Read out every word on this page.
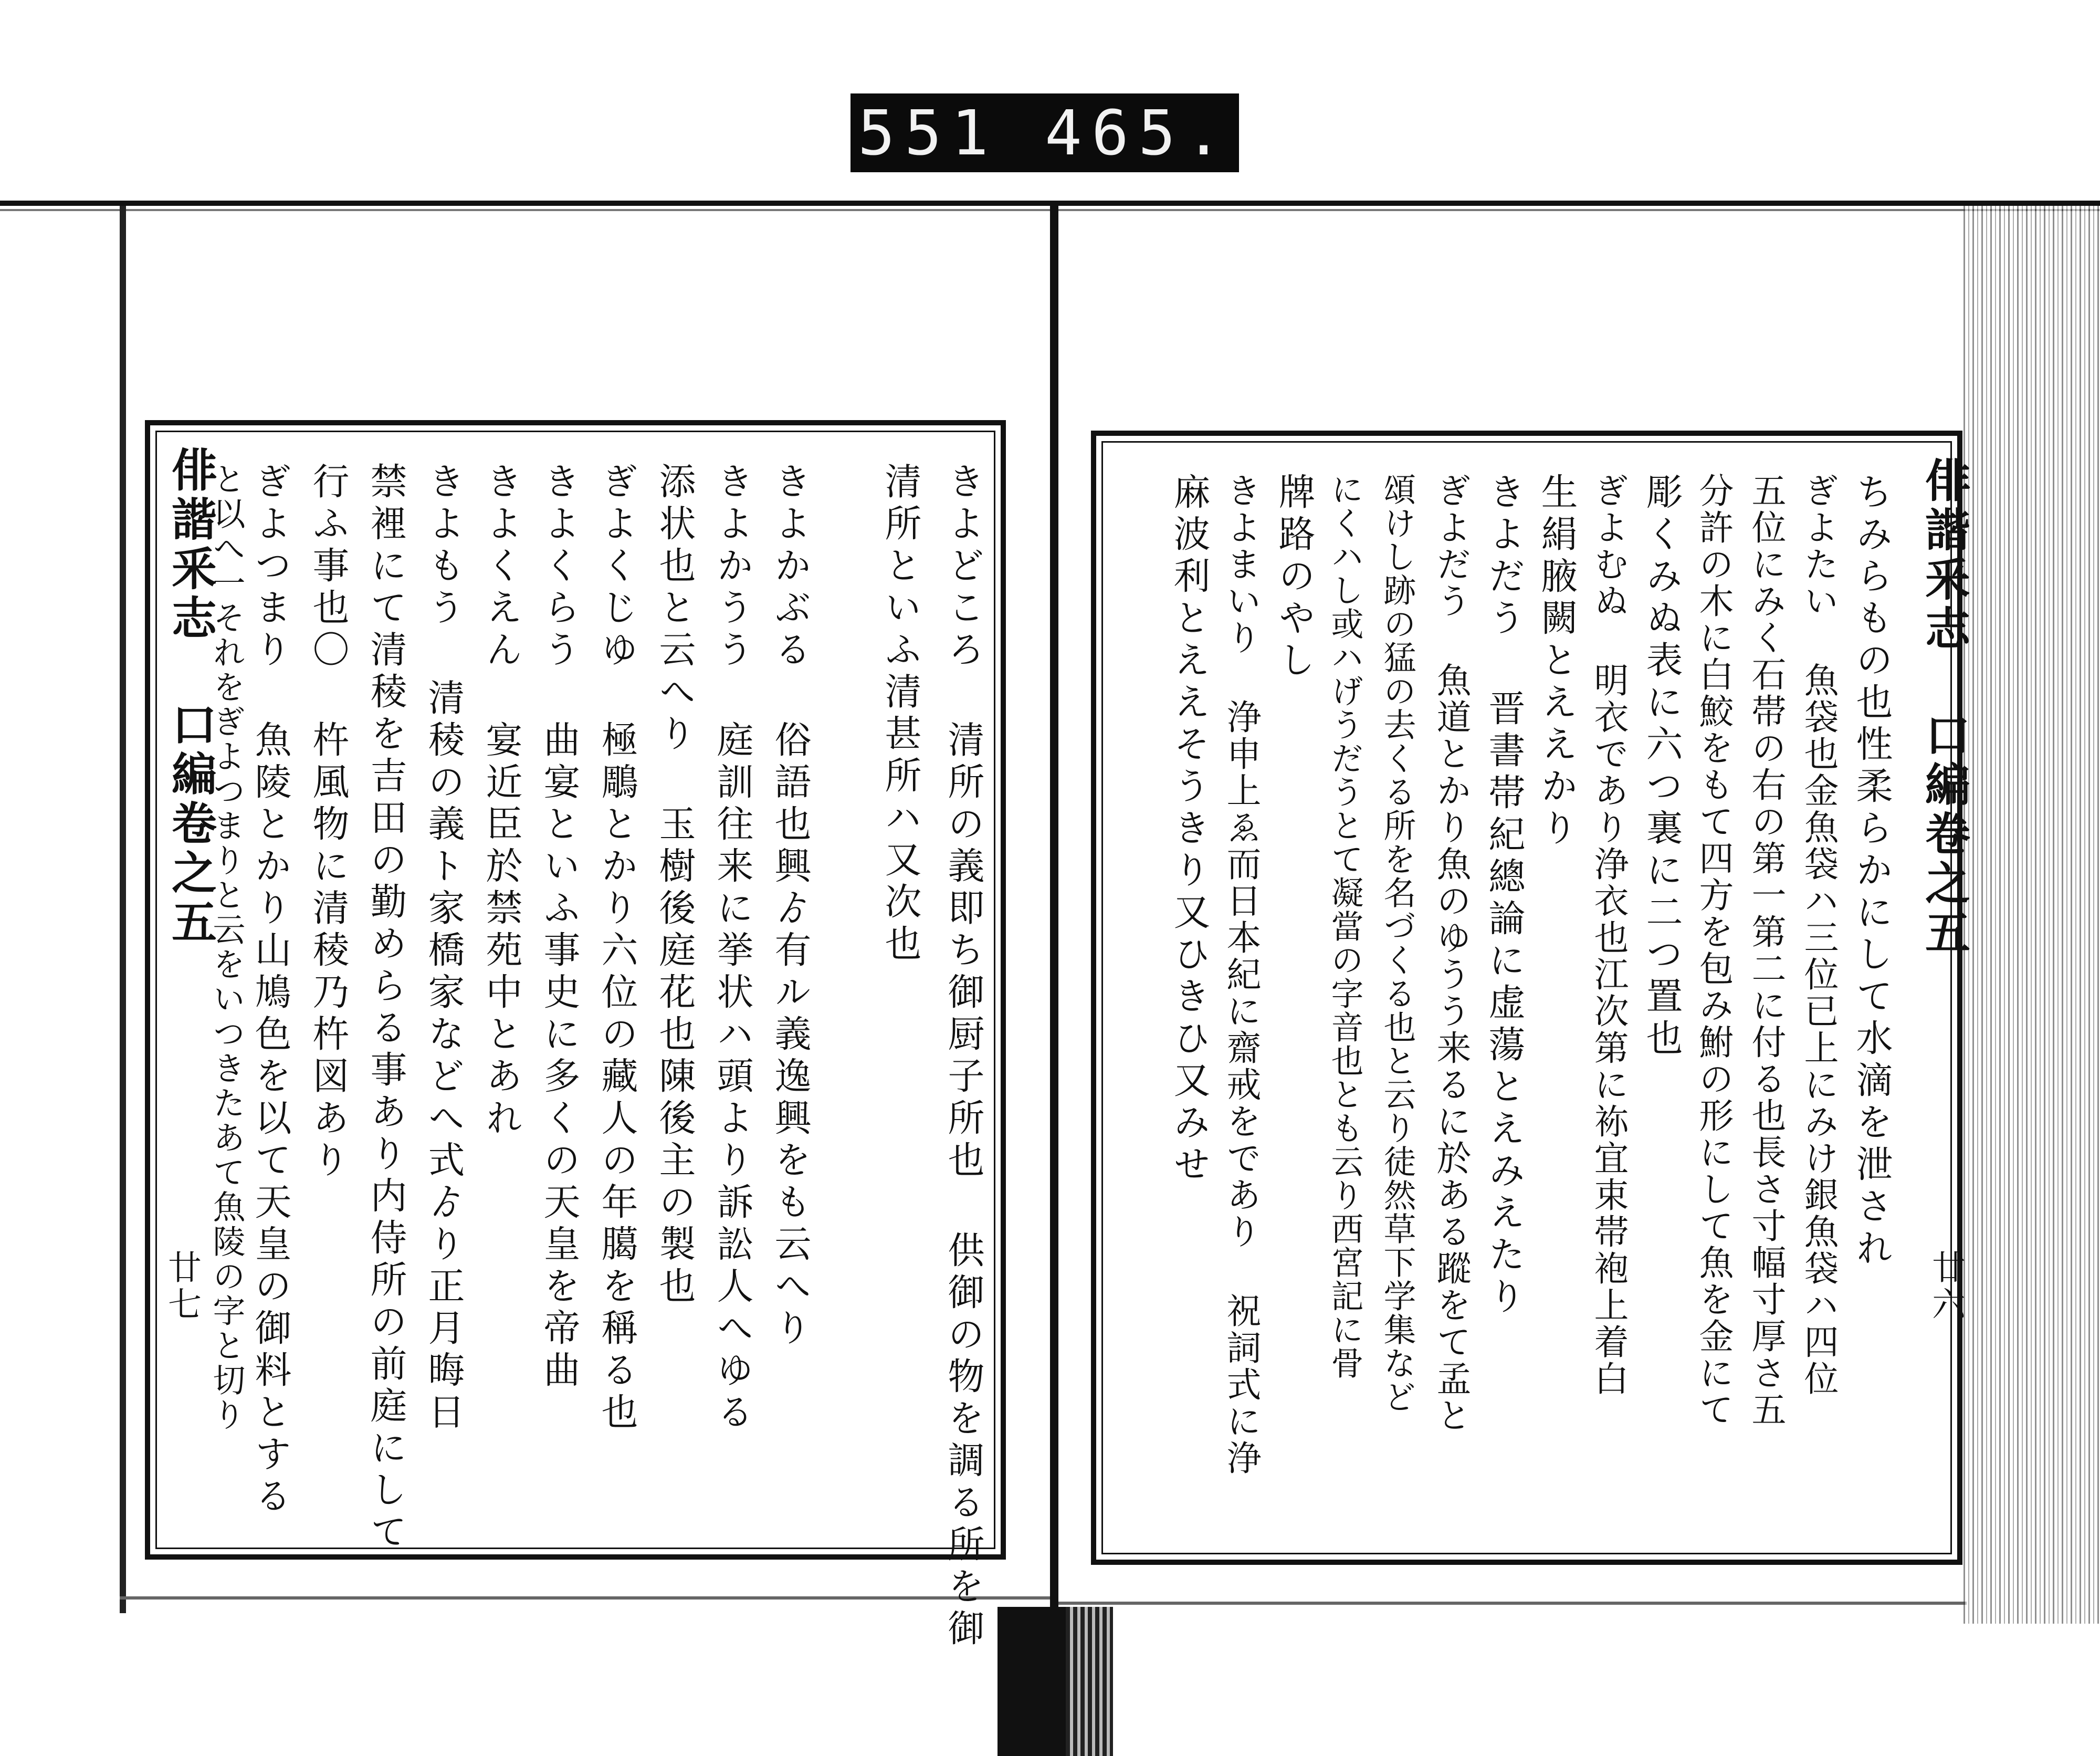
551 465.
俳諧釆志 口編卷之五
廿七	きよどころ 清所の義即ち御厨子所也 供御の物を調る所を御
清所といふ清甚所ハ又次也
きよかぶる 俗語也興ゟ有ル義逸興をも云へり
きよかうう 庭訓往来に挙状ハ頭より訴訟人へゆる
添状也と云へり 玉樹後庭花也陳後主の製也
ぎよくじゆ 極鵰とかり六位の藏人の年臈を稱る也
きよくらう 曲宴といふ事史に多くの天皇を帝曲
きよくえん 宴近臣於禁苑中とあれ
きよもう 清稜の義ト家橋家などへ式ゟり正月晦日
禁裡にて清稜を吉田の勤めらる事あり内侍所の前庭にして
行ふ事也〇 杵風物に清稜乃杵図あり
ぎよつまり 魚陵とかり山鳩色を以て天皇の御料とする
と以へ一それをぎよつまりと云をいつきたあて魚陵の字と切り	俳諧釆志 口編卷之五
廿六
ちみらもの也性柔らかにして水滴を泄され
ぎよたい 魚袋也金魚袋ハ三位已上にみけ銀魚袋ハ四位
五位にみく石帯の右の第一第二に付る也長さ寸幅寸厚さ五
分許の木に白鮫をもて四方を包み鮒の形にして魚を金にて
彫くみぬ表に六つ裏に二つ置也
ぎよむぬ 明衣であり浄衣也江次第に袮宜束帯袍上着白
生絹腋闕とええかり
きよだう 晋書帯紀總論に虚蕩とえみえたり
ぎよだう 魚道とかり魚のゆうう来るに於ある蹤をて孟と
頌けし跡の猛の去くる所を名づくる也と云り徒然草下学集など
にくハし或ハげうだうとて凝當の字音也とも云り西宮記に骨
牌路のやし
きよまいり 浄申上ゑ而日本紀に齋戒をであり 祝詞式に浄
麻波利とええそうきり又ひきひ又みせ
